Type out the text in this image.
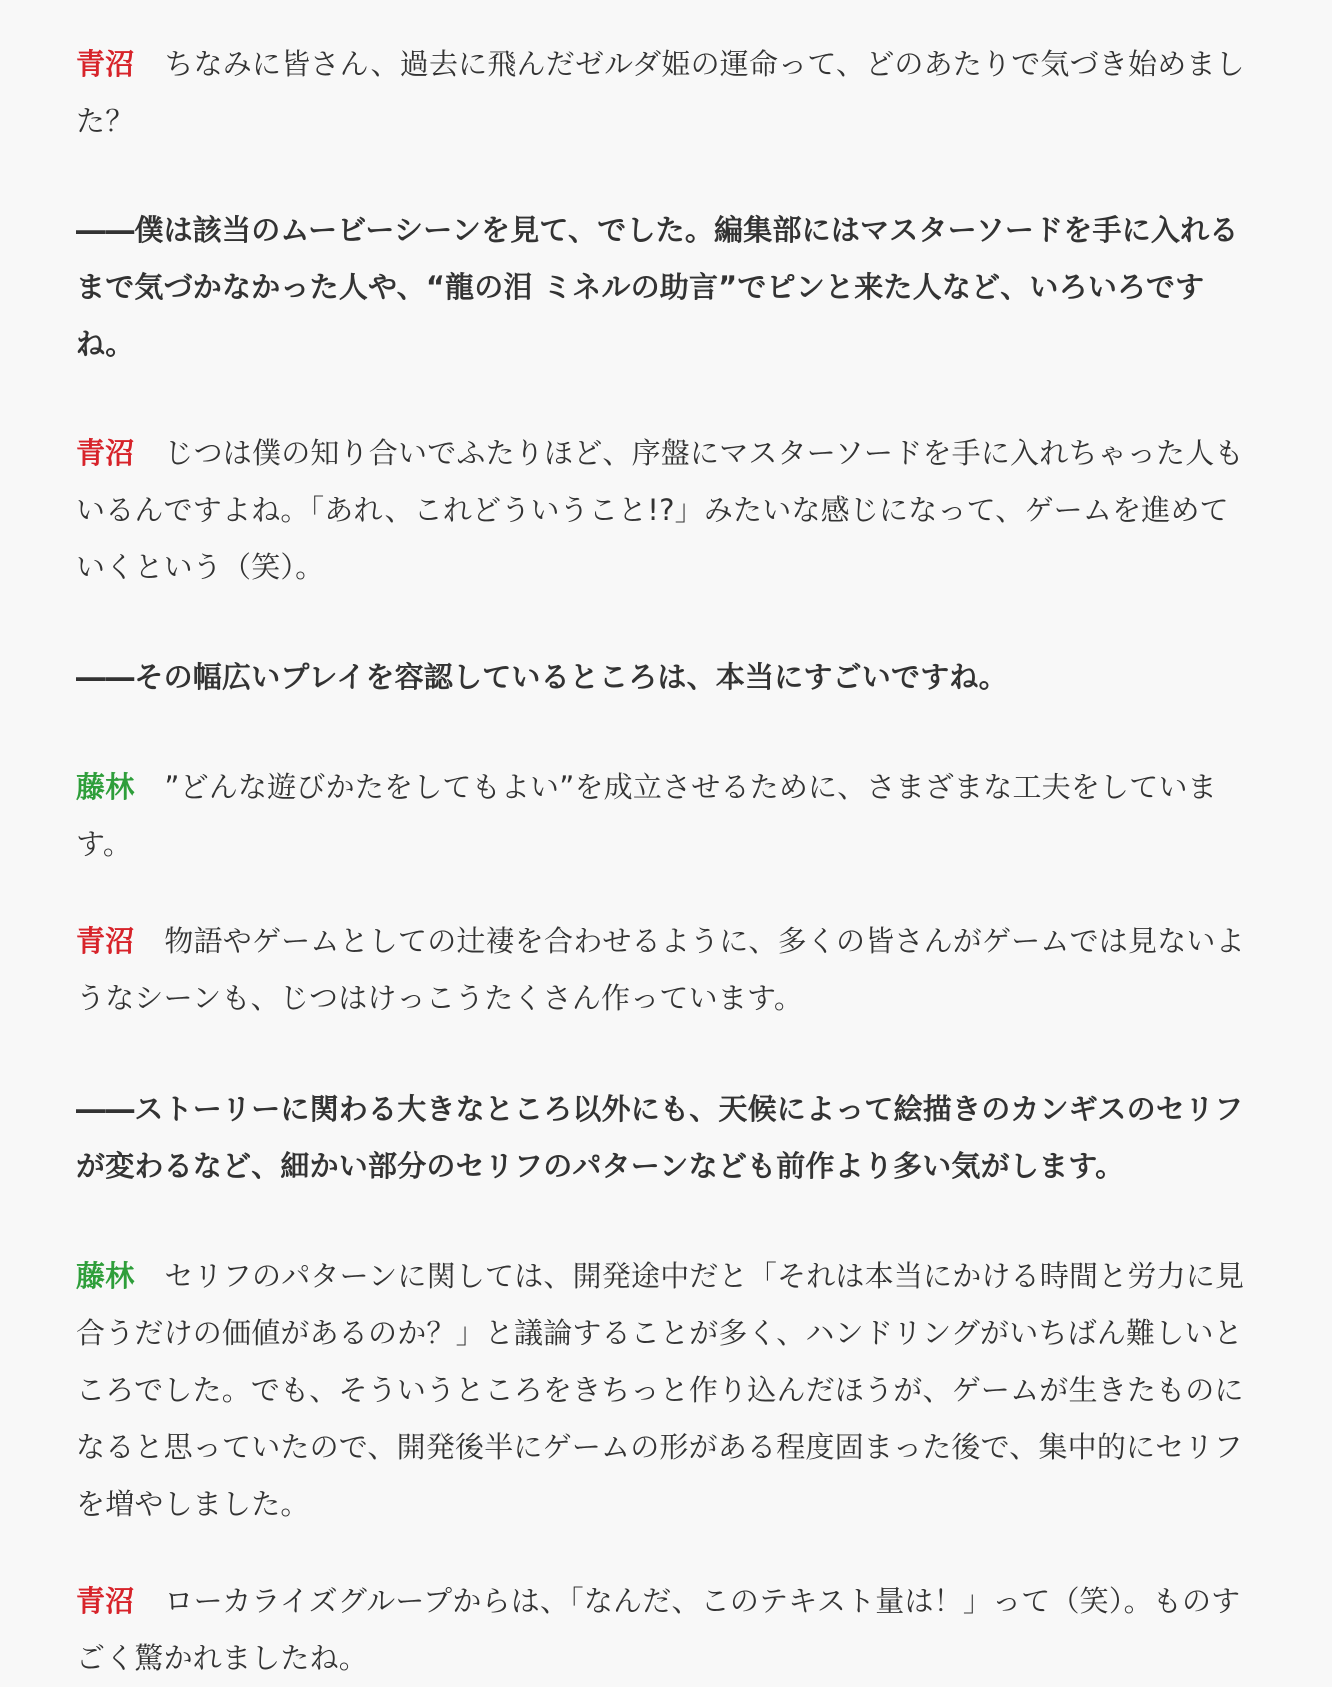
青沼 ちなみに皆さん、過去に飛んだゼルダ姫の運命って、どのあたりで気づき始めました？

――僕は該当のムービーシーンを見て、でした。編集部にはマスターソードを手に入れるまで気づかなかった人や、“龍の泪 ミネルの助言”でピンと来た人など、いろいろですね。

青沼 じつは僕の知り合いでふたりほど、序盤にマスターソードを手に入れちゃった人もいるんですよね。「あれ、これどういうこと!?」みたいな感じになって、ゲームを進めていくという（笑）。

――その幅広いプレイを容認しているところは、本当にすごいですね。

藤林 ”どんな遊びかたをしてもよい”を成立させるために、さまざまな工夫をしています。

青沼 物語やゲームとしての辻褄を合わせるように、多くの皆さんがゲームでは見ないようなシーンも、じつはけっこうたくさん作っています。

――ストーリーに関わる大きなところ以外にも、天候によって絵描きのカンギスのセリフが変わるなど、細かい部分のセリフのパターンなども前作より多い気がします。

藤林 セリフのパターンに関しては、開発途中だと「それは本当にかける時間と労力に見合うだけの価値があるのか？」と議論することが多く、ハンドリングがいちばん難しいところでした。でも、そういうところをきちっと作り込んだほうが、ゲームが生きたものになると思っていたので、開発後半にゲームの形がある程度固まった後で、集中的にセリフを増やしました。

青沼 ローカライズグループからは、「なんだ、このテキスト量は！」って（笑）。ものすごく驚かれましたね。
